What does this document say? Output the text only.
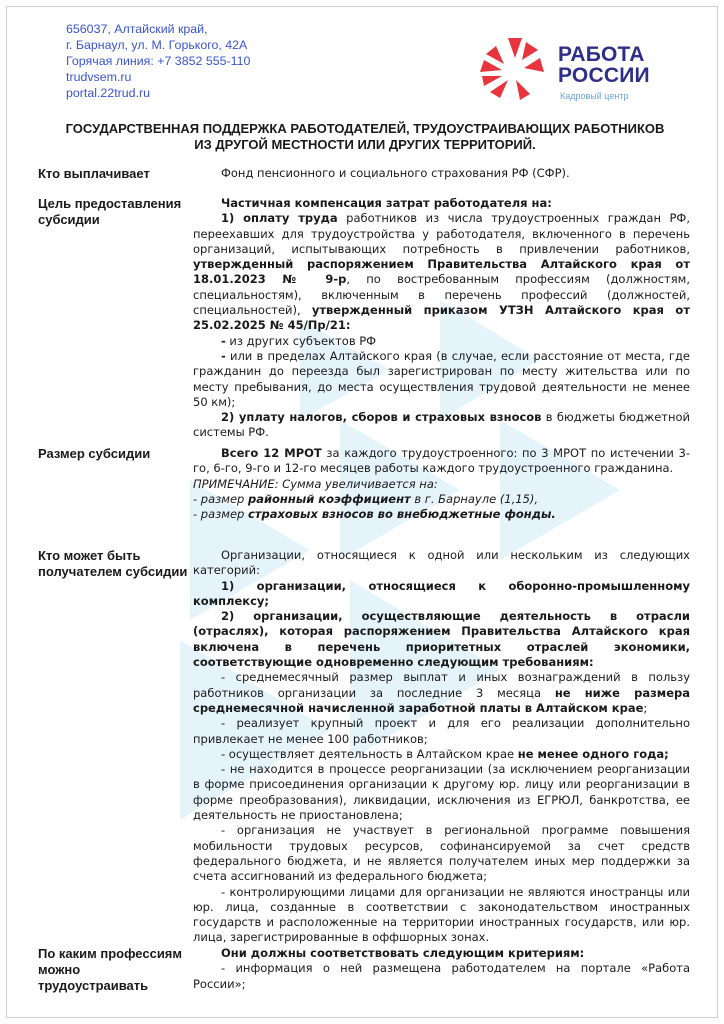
656037, Алтайский край,
г. Барнаул, ул. М. Горького, 42А
Горячая линия: +7 3852 555-110
trudvsem.ru
portal.22trud.ru
РАБОТА
РОССИИ
Кадровый центр
ГОСУДАРСТВЕННАЯ ПОДДЕРЖКА РАБОТОДАТЕЛЕЙ, ТРУДОУСТРАИВАЮЩИХ РАБОТНИКОВ ИЗ ДРУГОЙ МЕСТНОСТИ ИЛИ ДРУГИХ ТЕРРИТОРИЙ.
Кто выплачивает	Фонд пенсионного и социального страхования РФ (СФР).

Цель предоставления субсидии

Частичная компенсация затрат работодателя на:

1) оплату труда работников из числа трудоустроенных граждан РФ, переехавших для трудоустройства у работодателя, включенного в перечень организаций, испытывающих потребность в привлечении работников, утвержденный распоряжением Правительства Алтайского края от 18.01.2023 № 9-р, по востребованным профессиям (должностям, специальностям), включенным в перечень профессий (должностей, специальностей), утвержденный приказом УТЗН Алтайского края от 25.02.2025 № 45/Пр/21:

- из других субъектов РФ

- или в пределах Алтайского края (в случае, если расстояние от места, где гражданин до переезда был зарегистрирован по месту жительства или по месту пребывания, до места осуществления трудовой деятельности не менее 50 км);

2) уплату налогов, сборов и страховых взносов в бюджеты бюджетной системы РФ.

Размер субсидии	Всего 12 МРОТ за каждого трудоустроенного: по 3 МРОТ по истечении 3-го, 6-го, 9-го и 12-го месяцев работы каждого трудоустроенного гражданина.

ПРИМЕЧАНИЕ: Сумма увеличивается на:

- размер районный коэффициент в г. Барнауле (1,15),

- размер страховых взносов во внебюджетные фонды.

Кто может быть получателем субсидии

Организации, относящиеся к одной или нескольким из следующих категорий:

1) организации, относящиеся к оборонно-промышленному комплексу;

2) организации, осуществляющие деятельность в отрасли (отраслях), которая распоряжением Правительства Алтайского края включена в перечень приоритетных отраслей экономики, соответствующие одновременно следующим требованиям:

- среднемесячный размер выплат и иных вознаграждений в пользу работников организации за последние 3 месяца не ниже размера среднемесячной начисленной заработной платы в Алтайском крае;

- реализует крупный проект и для его реализации дополнительно привлекает не менее 100 работников;

- осуществляет деятельность в Алтайском крае не менее одного года;

- не находится в процессе реорганизации (за исключением реорганизации в форме присоединения организации к другому юр. лицу или реорганизации в форме преобразования), ликвидации, исключения из ЕГРЮЛ, банкротства, ее деятельность не приостановлена;

- организация не участвует в региональной программе повышения мобильности трудовых ресурсов, софинансируемой за счет средств федерального бюджета, и не является получателем иных мер поддержки за счета ассигнований из федерального бюджета;

- контролирующими лицами для организации не являются иностранцы или юр. лица, созданные в соответствии с законодательством иностранных государств и расположенные на территории иностранных государств, или юр. лица, зарегистрированные в оффшорных зонах.

По каким профессиям можно трудоустраивать

Они должны соответствовать следующим критериям:

- информация о ней размещена работодателем на портале «Работа России»;
